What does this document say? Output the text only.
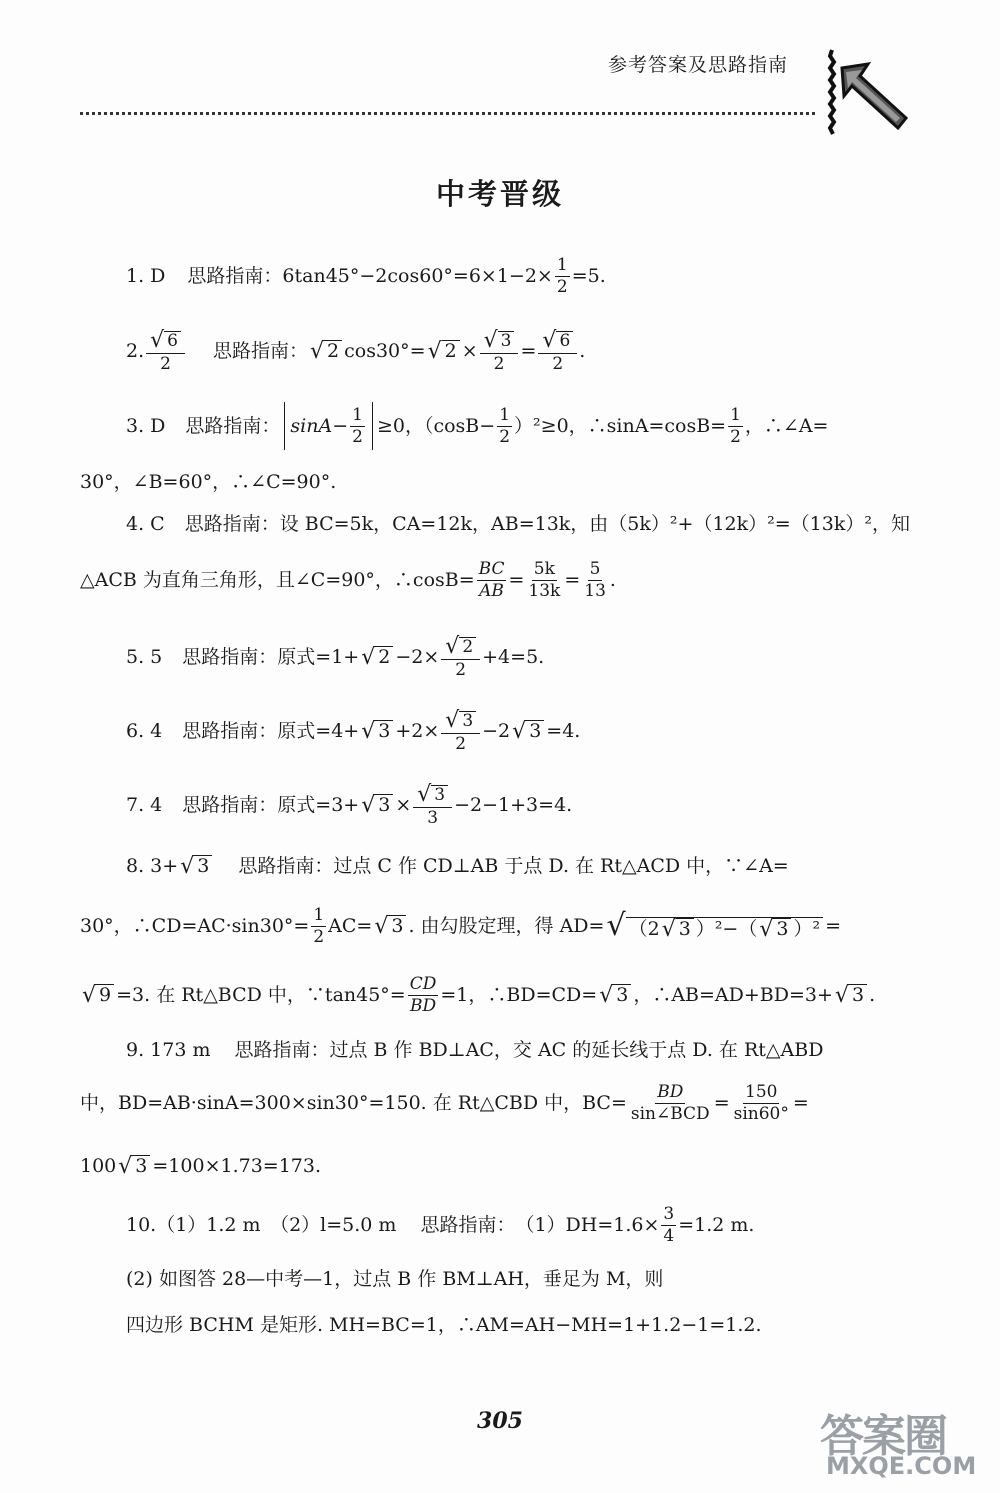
参考答案及思路指南
中考晋级
1. D 思路指南： $6\tan 45^\circ-2\cos 60^\circ=6\times 1-2\times \frac{1}{2} =5$.
2. $\frac{√ 6}{2}$ 思路指南： √ 2 cos30°= √ $2 \times \frac{√ 3}{2} = \frac{√ 6}{2}$ .
3. D 思路指南： $\sin A- \frac{1}{2} \ge 0$，$(\cos B- \frac{1}{2} )^2\ge 0$，∴sinA=cosB= $\frac{1}{2}$ ，∴∠A=
30°，∠B=60°，∴∠C=90°.
4. C 思路指南： 设 BC=5k，CA=12k，AB=13k，由（5k）²+（12k）²=（13k）²，知
△ACB 为直角三角形，且∠C=90°，∴cosB= $\frac{BC}{AB} = \frac{5k}{13k} = \frac{5}{13}$ .
5. 5 思路指南： 原式=1+ √ $2 -2\times \frac{√ 2}{2} +4=5$.
6. 4 思路指南： 原式=4+ √ $3 +2\times \frac{√ 3}{2} -2$ √ 3 =4.
7. 4 思路指南： 原式=3+ √ $3 \times \frac{√ 3}{3} -2-1+3=4$.
8. 3+ √ 3 思路指南： 过点 C 作 CD⊥AB 于点 D. 在 Rt△ACD 中，∵∠A=
30°，∴CD=AC·sin30°= $\frac{1}{2} AC=$ √ 3 . 由勾股定理，得 AD= √ （2 √ 3 ）²−（ √ 3 ）² =
√ 9 =3. 在 Rt△BCD 中，∵tan45°= $\frac{CD}{BD} =1$，∴BD=CD= √ 3 ，∴AB=AD+BD=3+ √ 3 .
9. 173 m 思路指南： 过点 B 作 BD⊥AC，交 AC 的延长线于点 D. 在 Rt△ABD
中，BD=AB·sinA=300×sin30°=150. 在 Rt△CBD 中，$BC= \frac{BD}{\text{sin∠BCD}} = \frac{150}{\sin 60^\circ}$ =
100 √ 3 =100×1.73=173.
10.（1）1.2 m　（2）l=5.0 m 思路指南： $(1)DH=1.6\times \frac{3}{4} =1.2$ m.
(2) 如图答 28—中考—1，过点 B 作 BM⊥AH，垂足为 M，则
四边形 BCHM 是矩形. MH=BC=1，∴AM=AH−MH=1+1.2−1=1.2.
305	答案圈
MXQE.COM
